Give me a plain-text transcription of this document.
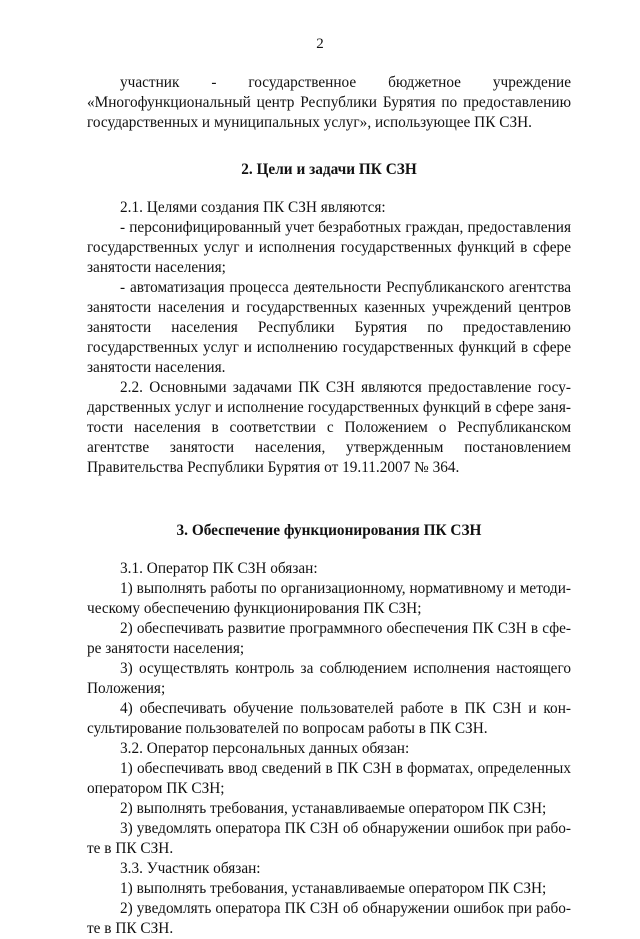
2

участник - государственное бюджетное учреждение «Многофункциональный центр Республики Бурятия по предоставлению государственных и муниципальных услуг», использующее ПК СЗН.

2. Цели и задачи ПК СЗН

2.1. Целями создания ПК СЗН являются:

- персонифицированный учет безработных граждан, предоставления государственных услуг и исполнения государственных функций в сфере занятости населения;

- автоматизация процесса деятельности Республиканского агентства занятости населения и государственных казенных учреждений центров занятости населения Республики Бурятия по предоставлению государственных услуг и исполнению государственных функций в сфере занятости населения.

2.2. Основными задачами ПК СЗН являются предоставление государственных услуг и исполнение государственных функций в сфере занятости населения в соответствии с Положением о Республиканском агентстве занятости населения, утвержденным постановлением Правительства Республики Бурятия от 19.11.2007 № 364.

3. Обеспечение функционирования ПК СЗН

3.1. Оператор ПК СЗН обязан:

1) выполнять работы по организационному, нормативному и методическому обеспечению функционирования ПК СЗН;

2) обеспечивать развитие программного обеспечения ПК СЗН в сфере занятости населения;

3) осуществлять контроль за соблюдением исполнения настоящего Положения;

4) обеспечивать обучение пользователей работе в ПК СЗН и консультирование пользователей по вопросам работы в ПК СЗН.

3.2. Оператор персональных данных обязан:

1) обеспечивать ввод сведений в ПК СЗН в форматах, определенных оператором ПК СЗН;

2) выполнять требования, устанавливаемые оператором ПК СЗН;

3) уведомлять оператора ПК СЗН об обнаружении ошибок при работе в ПК СЗН.

3.3. Участник обязан:

1) выполнять требования, устанавливаемые оператором ПК СЗН;

2) уведомлять оператора ПК СЗН об обнаружении ошибок при работе в ПК СЗН.
